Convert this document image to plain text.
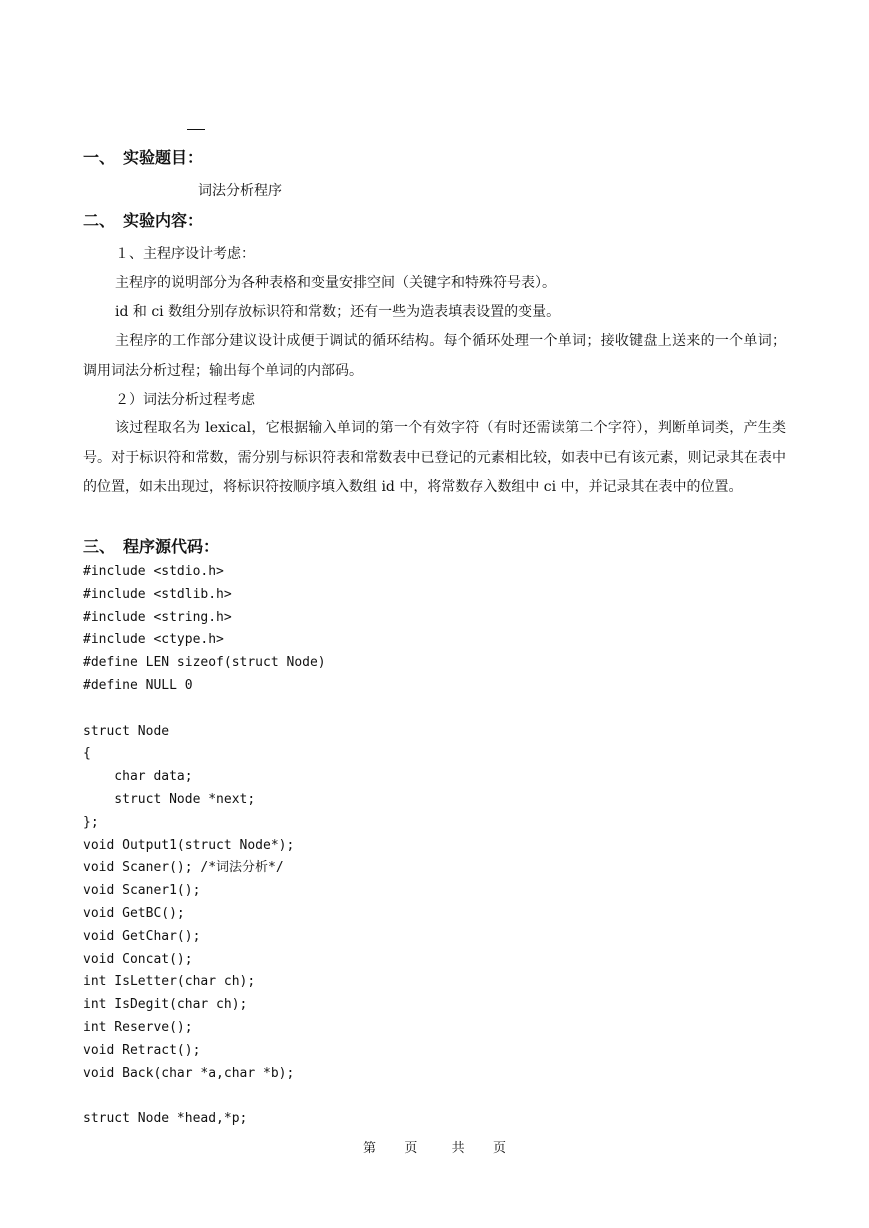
一、 实验题目：
词法分析程序
二、 实验内容：
１、主程序设计考虑：
主程序的说明部分为各种表格和变量安排空间（关键字和特殊符号表）。
id 和 ci 数组分别存放标识符和常数；还有一些为造表填表设置的变量。
主程序的工作部分建议设计成便于调试的循环结构。每个循环处理一个单词；接收键盘上送来的一个单词；调用词法分析过程；输出每个单词的内部码。
２）词法分析过程考虑
该过程取名为 lexical，它根据输入单词的第一个有效字符（有时还需读第二个字符），判断单词类，产生类号。对于标识符和常数，需分别与标识符表和常数表中已登记的元素相比较，如表中已有该元素，则记录其在表中的位置，如未出现过，将标识符按顺序填入数组 id 中，将常数存入数组中 ci 中，并记录其在表中的位置。
三、 程序源代码：
#include <stdio.h>
#include <stdlib.h>
#include <string.h>
#include <ctype.h>
#define LEN sizeof(struct Node)
#define NULL 0

struct Node
{
char data;
struct Node *next;
};
void Output1(struct Node*);
void Scaner(); /*词法分析*/
void Scaner1();
void GetBC();
void GetChar();
void Concat();
int IsLetter(char ch);
int IsDegit(char ch);
int Reserve();
void Retract();
void Back(char *a,char *b);

struct Node *head,*p;
第 页	共 页
